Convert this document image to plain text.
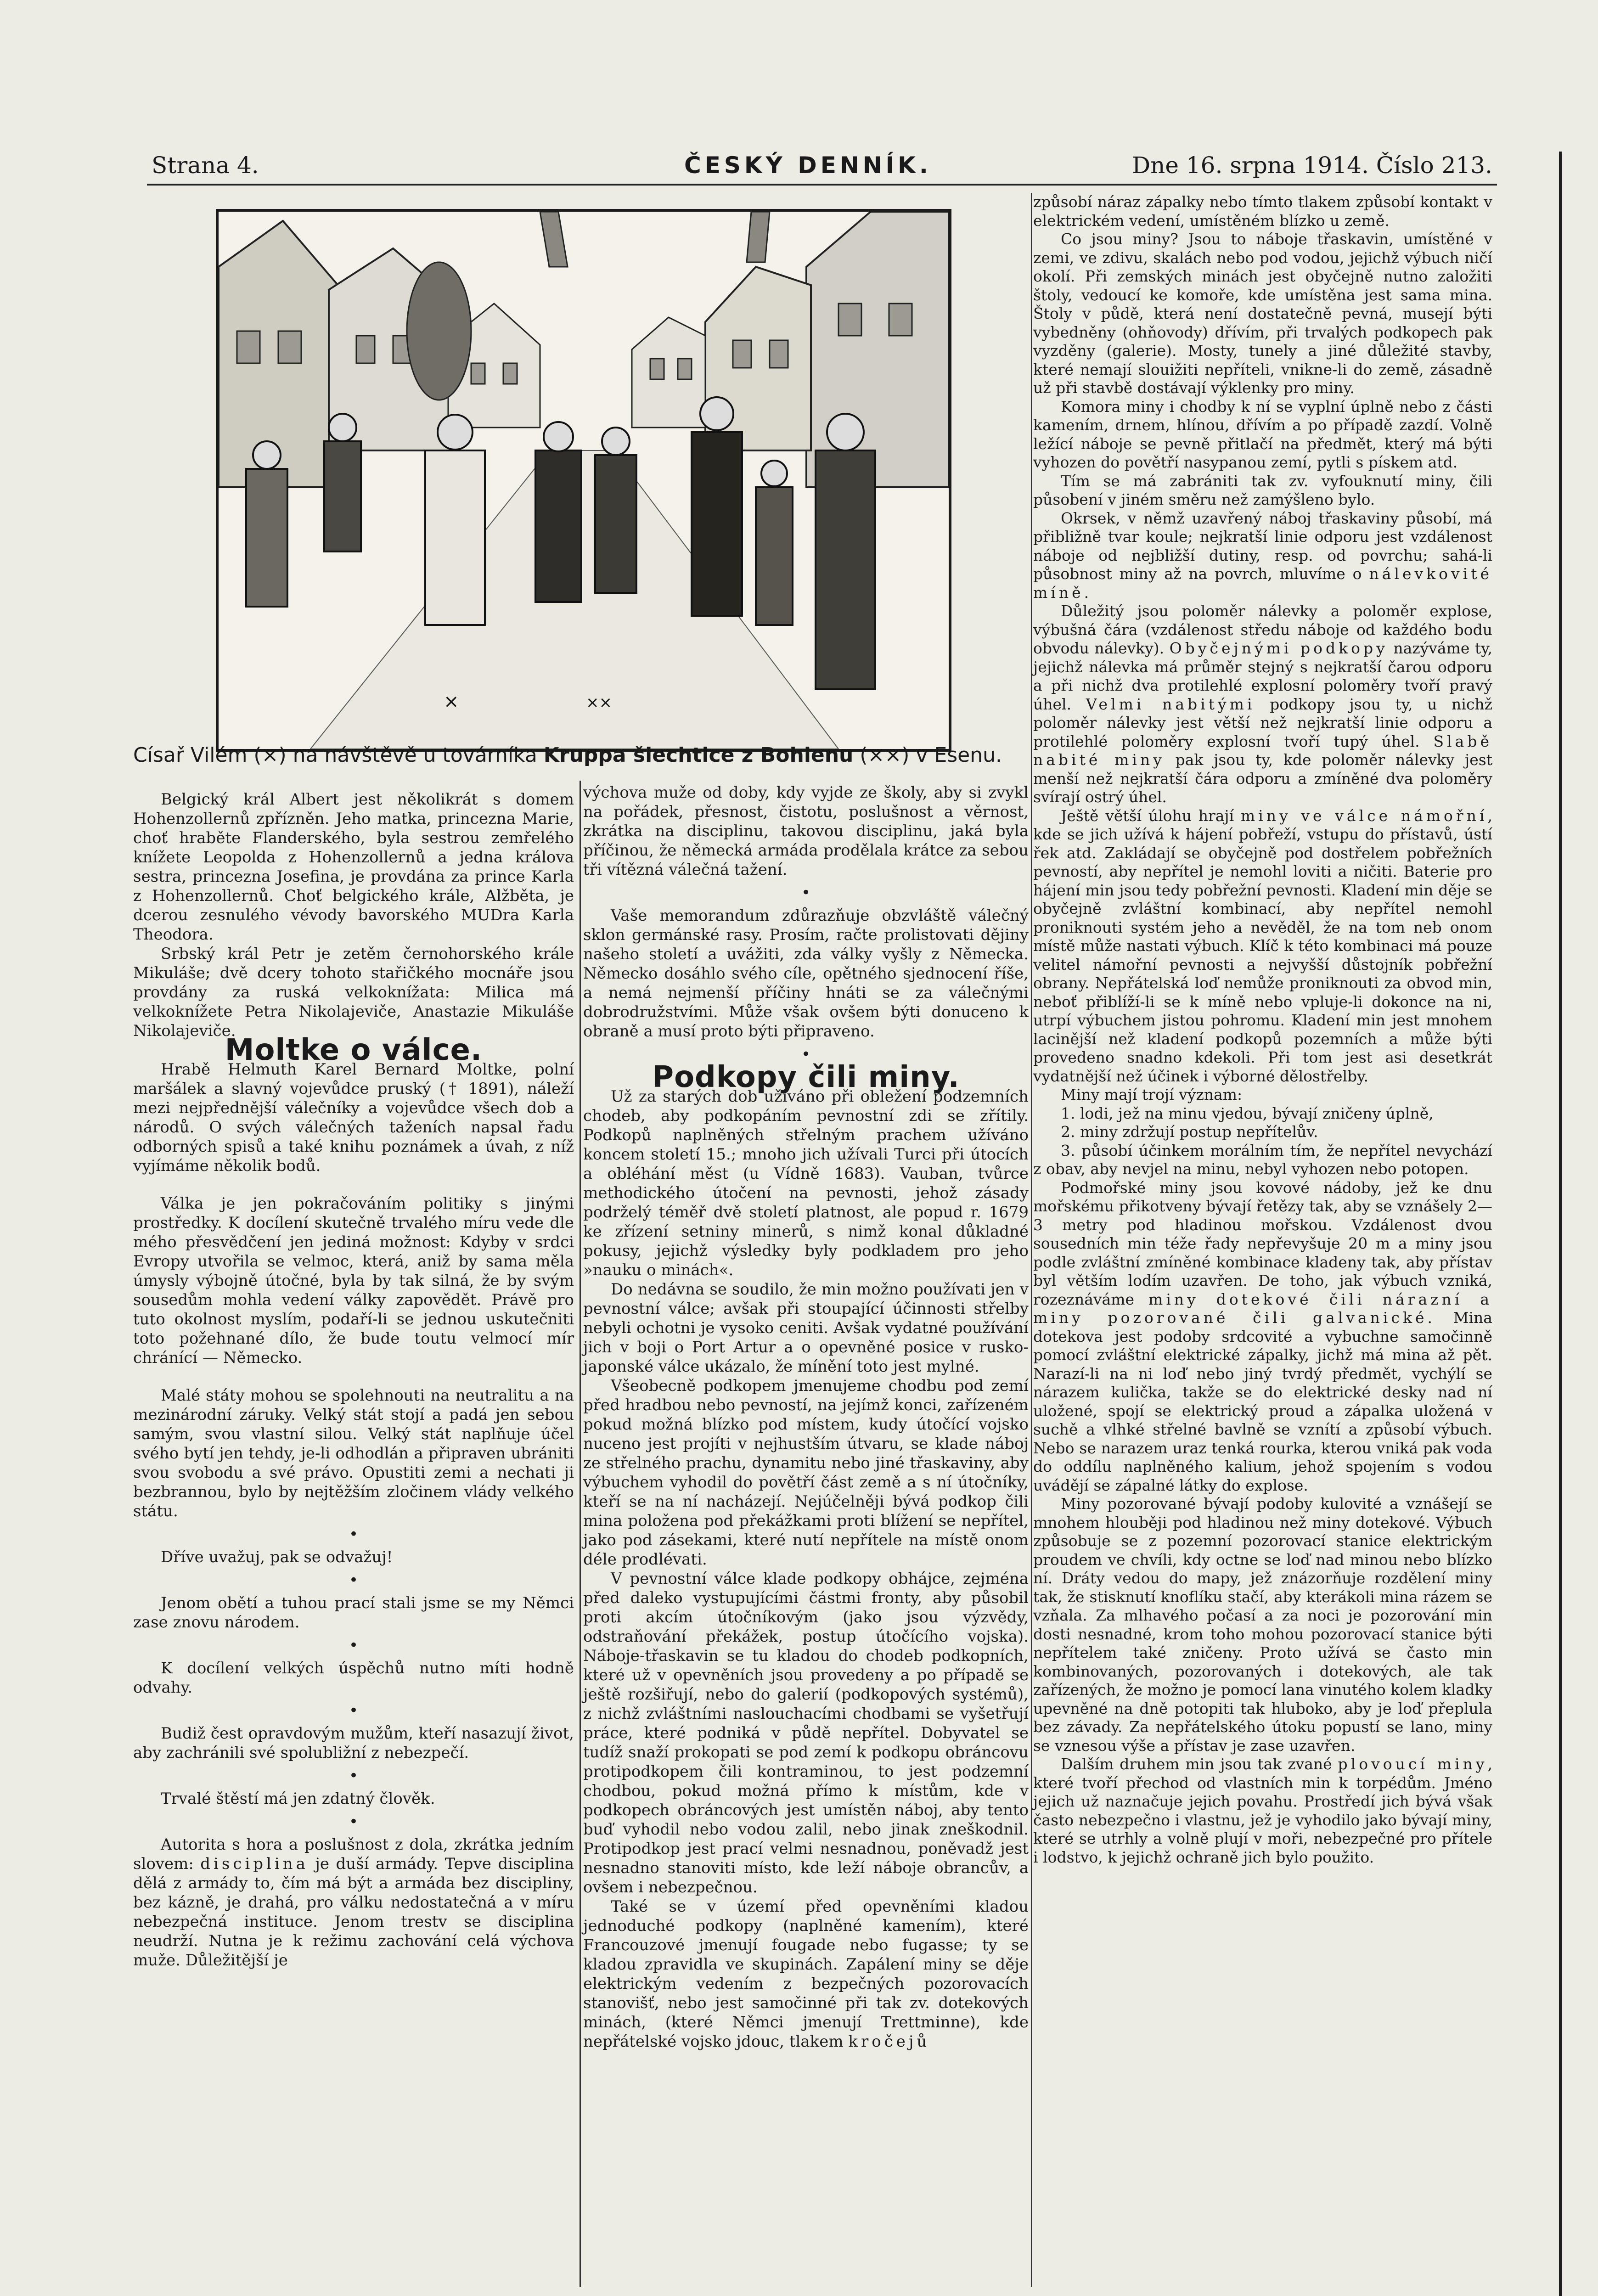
Strana 4.	ČESKÝ DENNÍK.	Dne 16. srpna 1914. Číslo 213.
×	××
Císař Vilém (×) na návštěvě u továrníka Kruppa šlechtice z Bohlenu (××) v Esenu.

Belgický král Albert jest několikrát s domem Hohenzollernů zpřízněn. Jeho matka, princezna Marie, choť hraběte Flanderského, byla sestrou zemřelého knížete Leopolda z Hohenzollernů a jedna králova sestra, princezna Josefina, je provdána za prince Karla z Hohenzollernů. Choť belgického krále, Alžběta, je dcerou zesnulého vévody bavorského MUDra Karla Theodora.

Srbský král Petr je zetěm černohorského krále Mikuláše; dvě dcery tohoto stařičkého mocnáře jsou provdány za ruská velkoknížata: Milica má velkoknížete Petra Nikolajeviče, Anastazie Mikuláše Nikolajeviče.

Moltke o válce.

Hrabě Helmuth Karel Bernard Moltke, polní maršálek a slavný vojevůdce pruský († 1891), náleží mezi nejpřednější válečníky a vojevůdce všech dob a národů. O svých válečných taženích napsal řadu odborných spisů a také knihu poznámek a úvah, z níž vyjímáme několik bodů.

Válka je jen pokračováním politiky s jinými prostředky. K docílení skutečně trvalého míru vede dle mého přesvědčení jen jediná možnost: Kdyby v srdci Evropy utvořila se velmoc, která, aniž by sama měla úmysly výbojně útočné, byla by tak silná, že by svým sousedům mohla vedení války zapovědět. Právě pro tuto okolnost myslím, podaří-li se jednou uskutečniti toto požehnané dílo, že bude toutu velmocí mír chránící — Německo.

Malé státy mohou se spolehnouti na neutralitu a na mezinárodní záruky. Velký stát stojí a padá jen sebou samým, svou vlastní silou. Velký stát naplňuje účel svého bytí jen tehdy, je-li odhodlán a připraven ubrániti svou svobodu a své právo. Opustiti zemi a nechati ji bezbrannou, bylo by nejtěžším zločinem vlády velkého státu.

•

Dříve uvažuj, pak se odvažuj!

•

Jenom obětí a tuhou prací stali jsme se my Němci zase znovu národem.

•

K docílení velkých úspěchů nutno míti hodně odvahy.

•

Budiž čest opravdovým mužům, kteří nasazují život, aby zachránili své spolubližní z nebezpečí.

•

Trvalé štěstí má jen zdatný člověk.

•

Autorita s hora a poslušnost z dola, zkrátka jedním slovem: disciplina je duší armády. Tepve disciplina dělá z armády to, čím má být a armáda bez discipliny, bez kázně, je drahá, pro válku nedostatečná a v míru nebezpečná instituce. Jenom trestv se disciplina neudrží. Nutna je k režimu zachování celá výchova muže. Důležitější je

výchova muže od doby, kdy vyjde ze školy, aby si zvykl na pořádek, přesnost, čistotu, poslušnost a věrnost, zkrátka na disciplinu, takovou disciplinu, jaká byla příčinou, že německá armáda prodělala krátce za sebou tři vítězná válečná tažení.

•

Vaše memorandum zdůrazňuje obzvláště válečný sklon germánské rasy. Prosím, račte prolistovati dějiny našeho století a uvážiti, zda války vyšly z Německa. Německo dosáhlo svého cíle, opětného sjednocení říše, a nemá nejmenší příčiny hnáti se za válečnými dobrodružstvími. Může však ovšem býti donuceno k obraně a musí proto býti připraveno.

•

Podkopy čili miny.

Už za starých dob užíváno při obležení podzemních chodeb, aby podkopáním pevnostní zdi se zřítily. Podkopů naplněných střelným prachem užíváno koncem století 15.; mnoho jich užívali Turci při útocích a obléhání měst (u Vídně 1683). Vauban, tvůrce methodického útočení na pevnosti, jehož zásady podrželý téměř dvě století platnost, ale popud r. 1679 ke zřízení setniny minerů, s nimž konal důkladné pokusy, jejichž výsledky byly podkladem pro jeho »nauku o minách«.

Do nedávna se soudilo, že min možno používati jen v pevnostní válce; avšak při stoupající účinnosti střelby nebyli ochotni je vysoko ceniti. Avšak vydatné používání jich v boji o Port Artur a o opevněné posice v rusko-japonské válce ukázalo, že mínění toto jest mylné.

Všeobecně podkopem jmenujeme chodbu pod zemí před hradbou nebo pevností, na jejímž konci, zařízeném pokud možná blízko pod místem, kudy útočící vojsko nuceno jest projíti v nejhustším útvaru, se klade náboj ze střelného prachu, dynamitu nebo jiné třaskaviny, aby výbuchem vyhodil do povětří část země a s ní útočníky, kteří se na ní nacházejí. Nejúčelněji bývá podkop čili mina položena pod překážkami proti blížení se nepřítel, jako pod zásekami, které nutí nepřítele na místě onom déle prodlévati.

V pevnostní válce klade podkopy obhájce, zejména před daleko vystupujícími částmi fronty, aby působil proti akcím útočníkovým (jako jsou výzvědy, odstraňování překážek, postup útočícího vojska). Náboje-třaskavin se tu kladou do chodeb podkopních, které už v opevněních jsou provedeny a po případě se ještě rozšiřují, nebo do galerií (podkopových systémů), z nichž zvláštními naslouchacími chodbami se vyšetřují práce, které podniká v půdě nepřítel. Dobyvatel se tudíž snaží prokopati se pod zemí k podkopu obráncovu protipodkopem čili kontraminou, to jest podzemní chodbou, pokud možná přímo k místům, kde v podkopech obráncových jest umístěn náboj, aby tento buď vyhodil nebo vodou zalil, nebo jinak zneškodnil. Protipodkop jest prací velmi nesnadnou, poněvadž jest nesnadno stanoviti místo, kde leží náboje obrancův, a ovšem i nebezpečnou.

Také se v území před opevněními kladou jednoduché podkopy (naplněné kamením), které Francouzové jmenují fougade nebo fugasse; ty se kladou zpravidla ve skupinách. Zapálení miny se děje elektrickým vedením z bezpečných pozorovacích stanovišť, nebo jest samočinné při tak zv. dotekových minách, (které Němci jmenují Trettminne), kde nepřátelské vojsko jdouc, tlakem kročejů

způsobí náraz zápalky nebo tímto tlakem způsobí kontakt v elektrickém vedení, umístěném blízko u země.

Co jsou miny? Jsou to náboje třaskavin, umístěné v zemi, ve zdivu, skalách nebo pod vodou, jejichž výbuch ničí okolí. Při zemských minách jest obyčejně nutno založiti štoly, vedoucí ke komoře, kde umístěna jest sama mina. Štoly v půdě, která není dostatečně pevná, musejí býti vybedněny (ohňovody) dřívím, při trvalých podkopech pak vyzděny (galerie). Mosty, tunely a jiné důležité stavby, které nemají slouižiti nepříteli, vnikne-li do země, zásadně už při stavbě dostávají výklenky pro miny.

Komora miny i chodby k ní se vyplní úplně nebo z části kamením, drnem, hlínou, dřívím a po případě zazdí. Volně ležící náboje se pevně přitlačí na předmět, který má býti vyhozen do povětří nasypanou zemí, pytli s pískem atd.

Tím se má zabrániti tak zv. vyfouknutí miny, čili působení v jiném směru než zamýšleno bylo.

Okrsek, v němž uzavřený náboj třaskaviny působí, má přibližně tvar koule; nejkratší linie odporu jest vzdálenost náboje od nejbližší dutiny, resp. od povrchu; sahá-li působnost miny až na povrch, mluvíme o nálevkovité míně.

Důležitý jsou poloměr nálevky a poloměr explose, výbušná čára (vzdálenost středu náboje od každého bodu obvodu nálevky). Obyčejnými podkopy nazýváme ty, jejichž nálevka má průměr stejný s nejkratší čarou odporu a při nichž dva protilehlé explosní poloměry tvoří pravý úhel. Velmi nabitými podkopy jsou ty, u nichž poloměr nálevky jest větší než nejkratší linie odporu a protilehlé poloměry explosní tvoří tupý úhel. Slabě nabité miny pak jsou ty, kde poloměr nálevky jest menší než nejkratší čára odporu a zmíněné dva poloměry svírají ostrý úhel.

Ještě větší úlohu hrají miny ve válce námořní, kde se jich užívá k hájení pobřeží, vstupu do přístavů, ústí řek atd. Zakládají se obyčejně pod dostřelem pobřežních pevností, aby nepřítel je nemohl loviti a ničiti. Baterie pro hájení min jsou tedy pobřežní pevnosti. Kladení min děje se obyčejně zvláštní kombinací, aby nepřítel nemohl proniknouti systém jeho a nevěděl, že na tom neb onom místě může nastati výbuch. Klíč k této kombinaci má pouze velitel námořní pevnosti a nejvyšší důstojník pobřežní obrany. Nepřátelská loď nemůže proniknouti za obvod min, neboť přiblíží-li se k míně nebo vpluje-li dokonce na ni, utrpí výbuchem jistou pohromu. Kladení min jest mnohem lacinější než kladení podkopů pozemních a může býti provedeno snadno kdekoli. Při tom jest asi desetkrát vydatnější než účinek i výborné dělostřelby.

Miny mají trojí význam:

1. lodi, jež na minu vjedou, bývají zničeny úplně,

2. miny zdržují postup nepřítelův.

3. působí účinkem morálním tím, že nepřítel nevychází z obav, aby nevjel na minu, nebyl vyhozen nebo potopen.

Podmořské miny jsou kovové nádoby, jež ke dnu mořskému přikotveny bývají řetězy tak, aby se vznášely 2—3 metry pod hladinou mořskou. Vzdálenost dvou sousedních min téže řady nepřevyšuje 20 m a miny jsou podle zvláštní zmíněné kombinace kladeny tak, aby přístav byl větším lodím uzavřen. De toho, jak výbuch vzniká, rozeznáváme miny dotekové čili nárazní a miny pozorované čili galvanické. Mina dotekova jest podoby srdcovité a vybuchne samočinně pomocí zvláštní elektrické zápalky, jichž má mina až pět. Narazí-li na ni loď nebo jiný tvrdý předmět, vychýlí se nárazem kulička, takže se do elektrické desky nad ní uložené, spojí se elektrický proud a zápalka uložená v suchě a vlhké střelné bavlně se vznítí a způsobí výbuch. Nebo se narazem uraz tenká rourka, kterou vniká pak voda do oddílu naplněného kalium, jehož spojením s vodou uvádějí se zápalné látky do explose.

Miny pozorované bývají podoby kulovité a vznášejí se mnohem hlouběji pod hladinou než miny dotekové. Výbuch způsobuje se z pozemní pozorovací stanice elektrickým proudem ve chvíli, kdy octne se loď nad minou nebo blízko ní. Dráty vedou do mapy, jež znázorňuje rozdělení miny tak, že stisknutí knoflíku stačí, aby kterákoli mina rázem se vzňala. Za mlhavého počasí a za noci je pozorování min dosti nesnadné, krom toho mohou pozorovací stanice býti nepřítelem také zničeny. Proto užívá se často min kombinovaných, pozorovaných i dotekových, ale tak zařízených, že možno je pomocí lana vinutého kolem kladky upevněné na dně potopiti tak hluboko, aby je loď přeplula bez závady. Za nepřátelského útoku popustí se lano, miny se vznesou výše a přístav je zase uzavřen.

Dalším druhem min jsou tak zvané plovoucí miny, které tvoří přechod od vlastních min k torpédům. Jméno jejich už naznačuje jejich povahu. Prostředí jich bývá však často nebezpečno i vlastnu, jež je vyhodilo jako bývají miny, které se utrhly a volně plují v moři, nebezpečné pro přítele i lodstvo, k jejichž ochraně jich bylo použito.
